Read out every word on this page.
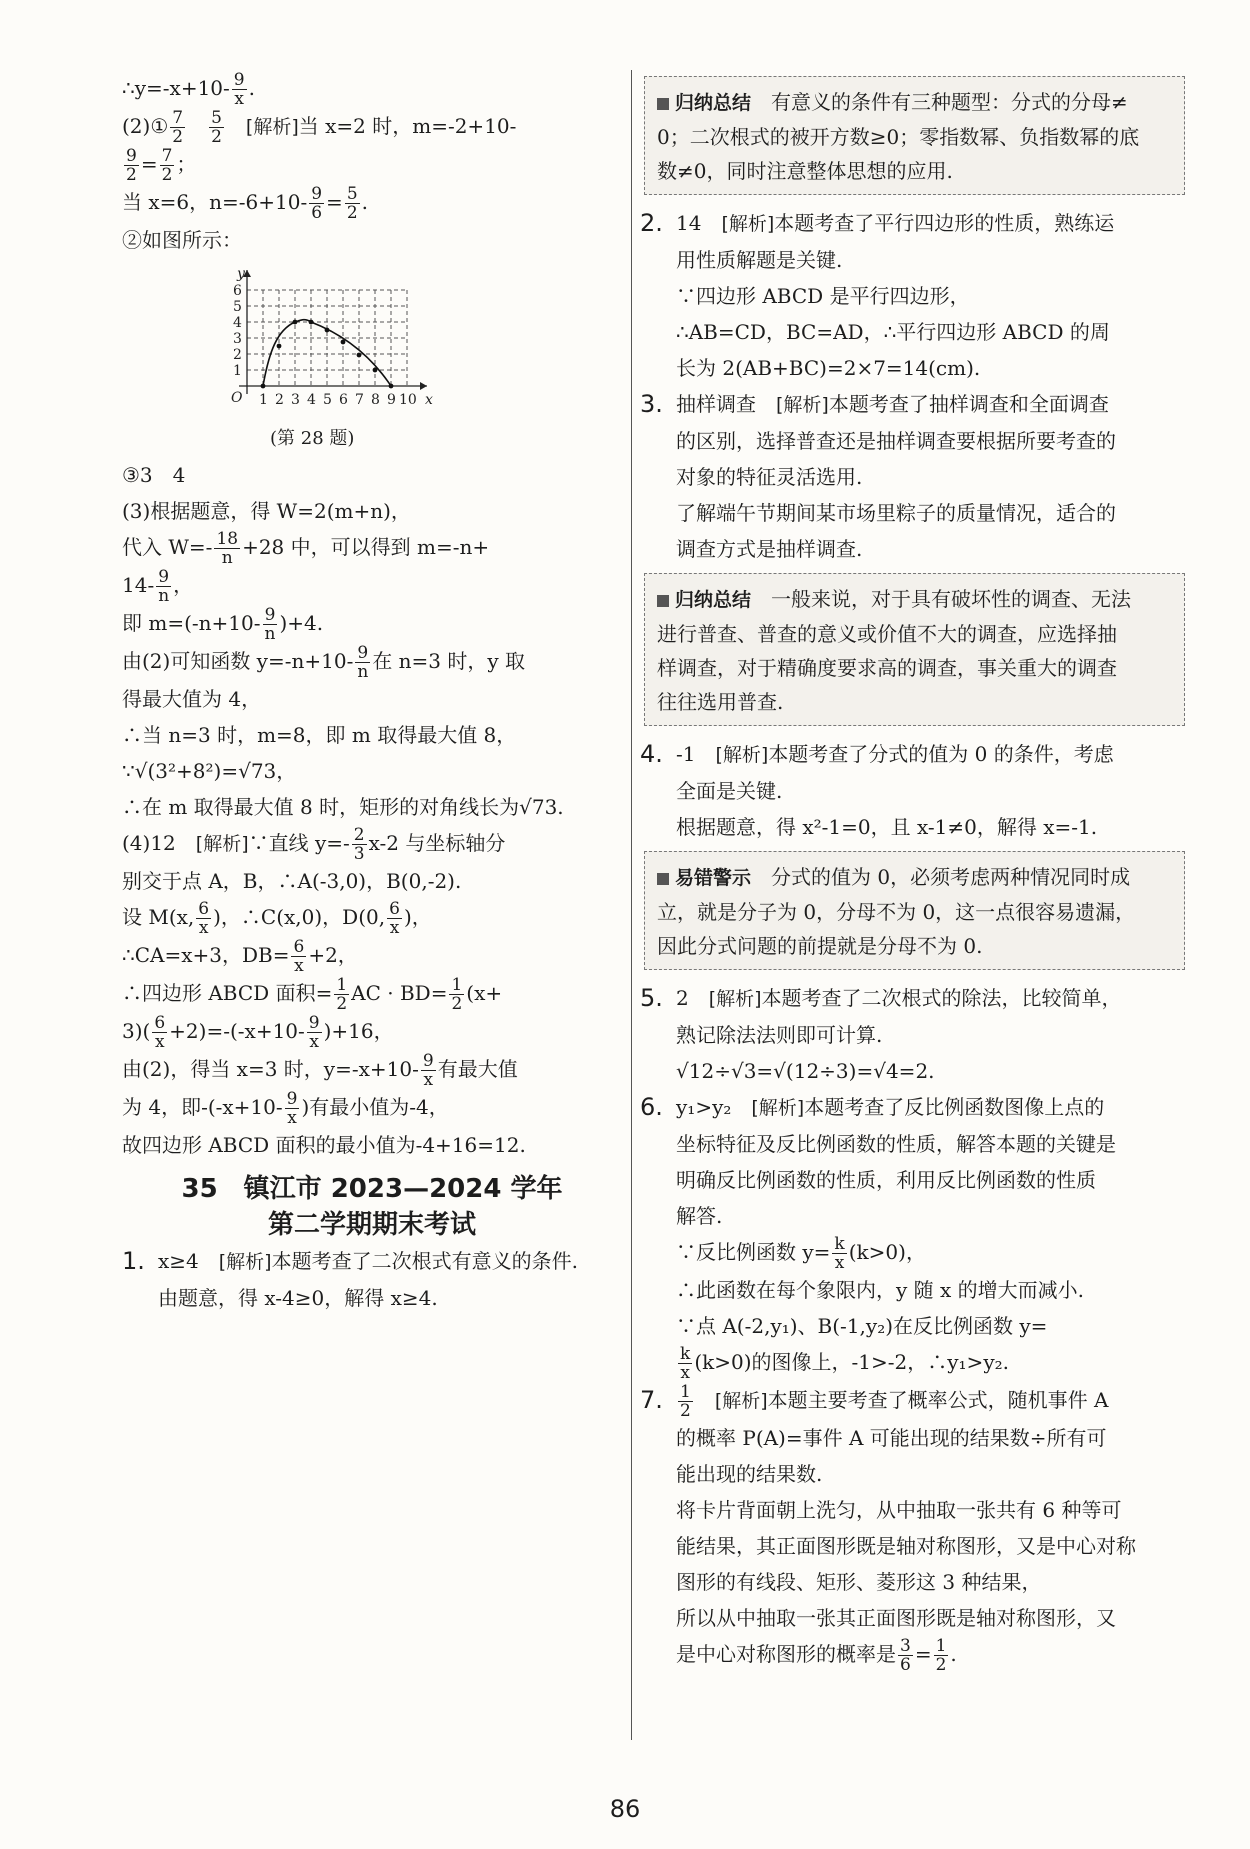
∴y=-x+10- $\frac{9}{x}$ .

(2)① $\frac{7}{2}$
　 $\frac{5}{2}$
　 [解析]当 x=2 时，m=-2+10-

$\frac{9}{2} = \frac{7}{2}$ ；

当 x=6，$n=-6+10- \frac{9}{6} = \frac{5}{2}$ .

②如图所示：

y
x
O
1
2
3
4
5
6
1 2 3 4 5 6 7 8 9 10

(第 28 题)

③3　4

(3)根据题意，得 W=2(m+n)，

代入 $W=- \frac{18}{n} +28$ 中，可以得到 m=-n+

$14- \frac{9}{n}$ ，

即 $m=(-n+10- \frac{9}{n} )+4$.

由(2)可知函数 $y=-n+10- \frac{9}{n}$ 在 n=3 时，y 取

得最大值为 4，

∴当 n=3 时，m=8，即 m 取得最大值 8，

∵√(3²+8²)=√73，

∴在 m 取得最大值 8 时，矩形的对角线长为√73.

(4)12　[解析]∵直线 $y=- \frac{2}{3} x-2$ 与坐标轴分

别交于点 A，B，∴A(-3,0)，B(0,-2).

设 M(x, $\frac{6}{x}$ )，∴C(x,0)，D(0, $\frac{6}{x}$ )，

∴CA=x+3，$DB= \frac{6}{x} +2$，

∴四边形 ABCD 面积= $\frac{1}{2}$ AC · $BD= \frac{1}{2} (x+$

$3)( \frac{6}{x} +2)=-(-x+10- \frac{9}{x} )+16$，

由(2)，得当 x=3 时，$y=-x+10- \frac{9}{x}$ 有最大值

为 4，即$-(-x+10- \frac{9}{x}$ )有最小值为-4，

故四边形 ABCD 面积的最小值为-4+16=12.

35　镇江市 2023—2024 学年
第二学期期末考试
1. x≥4　[解析]本题考查了二次根式有意义的条件.

由题意，得 x-4≥0，解得 x≥4.

归纳总结　 有意义的条件有三种题型：分式的分母≠

0；二次根式的被开方数≥0；零指数幂、负指数幂的底

数≠0，同时注意整体思想的应用.

2. 14　[解析]本题考查了平行四边形的性质，熟练运

用性质解题是关键.

∵四边形 ABCD 是平行四边形，

∴AB=CD，BC=AD，∴平行四边形 ABCD 的周

长为 2(AB+BC)=2×7=14(cm).

3. 抽样调查　[解析]本题考查了抽样调查和全面调查

的区别，选择普查还是抽样调查要根据所要考查的

对象的特征灵活选用.

了解端午节期间某市场里粽子的质量情况，适合的

调查方式是抽样调查.

归纳总结　 一般来说，对于具有破坏性的调查、无法

进行普查、普查的意义或价值不大的调查，应选择抽

样调查，对于精确度要求高的调查，事关重大的调查

往往选用普查.

4. -1　[解析]本题考查了分式的值为 0 的条件，考虑

全面是关键.

根据题意，得 x²-1=0，且 x-1≠0，解得 x=-1.

易错警示　 分式的值为 0，必须考虑两种情况同时成

立，就是分子为 0，分母不为 0，这一点很容易遗漏，

因此分式问题的前提就是分母不为 0.

5. 2　[解析]本题考查了二次根式的除法，比较简单，

熟记除法法则即可计算.

√12÷√3=√(12÷3)=√4=2.

6. y₁>y₂　[解析]本题考查了反比例函数图像上点的

坐标特征及反比例函数的性质，解答本题的关键是

明确反比例函数的性质，利用反比例函数的性质

解答.

∵反比例函数 $y= \frac{k}{x} (k>0)$，

∴此函数在每个象限内，y 随 x 的增大而减小.

∵点 A(-2,y₁)、B(-1,y₂)在反比例函数 y=

$\frac{k}{x} (k>0)$的图像上，-1>-2，∴y₁>y₂.

7. $\frac{1}{2}$
　 [解析]本题主要考查了概率公式，随机事件 A

的概率 P(A)=事件 A 可能出现的结果数÷所有可

能出现的结果数.

将卡片背面朝上洗匀，从中抽取一张共有 6 种等可

能结果，其正面图形既是轴对称图形，又是中心对称

图形的有线段、矩形、菱形这 3 种结果，

所以从中抽取一张其正面图形既是轴对称图形，又

是中心对称图形的概率是 $\frac{3}{6} = \frac{1}{2}$ .

86
